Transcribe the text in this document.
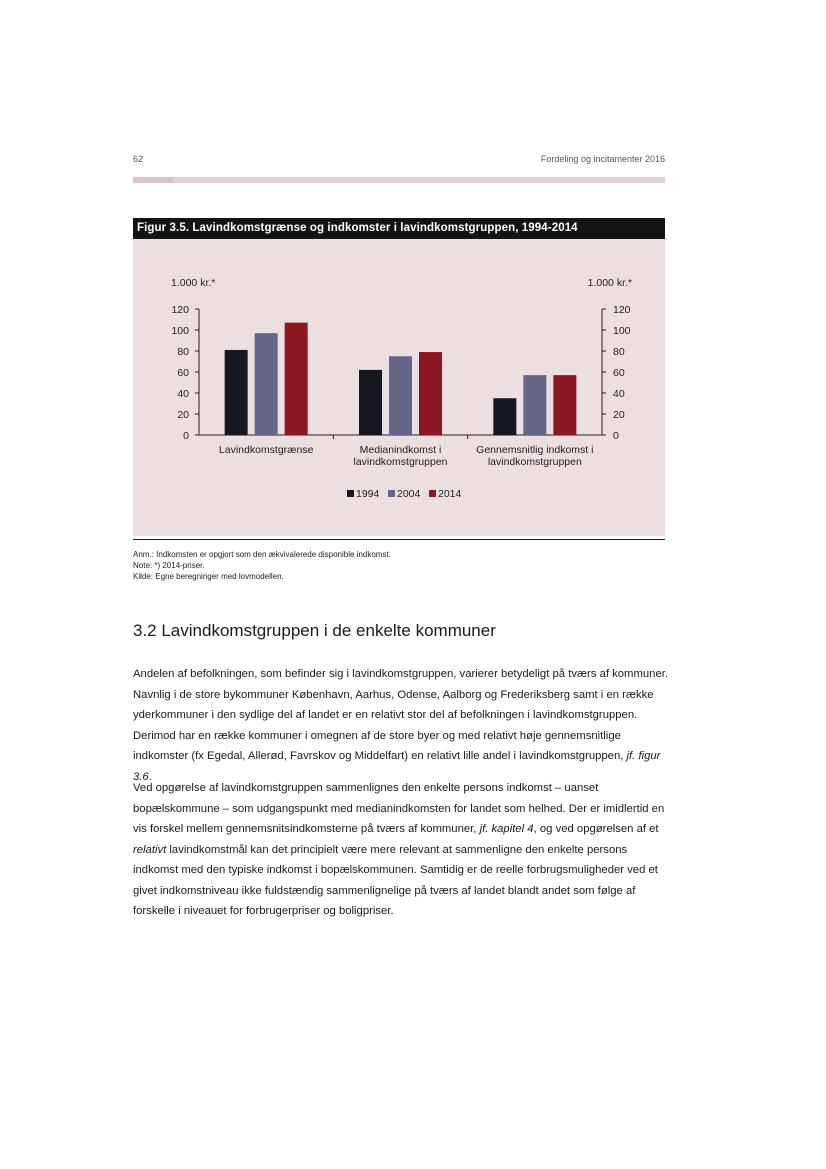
62	Fordeling og incitamenter 2016
Figur 3.5. Lavindkomstgrænse og indkomster i lavindkomstgruppen, 1994-2014
1.000 kr.*	1.000 kr.*
0	0
20	20
40	40
60	60
80	80
100	100
120	120
Lavindkomstgrænse	Medianindkomst i
lavindkomstgruppen
Gennemsnitlig indkomst i
lavindkomstgruppen
1994 2004 2014
Anm.: Indkomsten er opgjort som den ækvivalerede disponible indkomst.
Note: *) 2014-priser.
Kilde: Egne beregninger med lovmodellen.
3.2 Lavindkomstgruppen i de enkelte kommuner

Andelen af befolkningen, som befinder sig i lavindkomstgruppen, varierer betydeligt på tværs af kommuner. Navnlig i de store bykommuner København, Aarhus, Odense, Aalborg og Frederiksberg samt i en række yderkommuner i den sydlige del af landet er en relativt stor del af befolkningen i lavindkomstgruppen. Derimod har en række kommuner i omegnen af de store byer og med relativt høje gennemsnitlige indkomster (fx Egedal, Allerød, Favrskov og Middelfart) en relativt lille andel i lavindkomstgruppen, jf. figur 3.6.

Ved opgørelse af lavindkomstgruppen sammenlignes den enkelte persons indkomst – uanset bopælskommune – som udgangspunkt med medianindkomsten for landet som helhed. Der er imidlertid en vis forskel mellem gennemsnitsindkomsterne på tværs af kommuner, jf. kapitel 4, og ved opgørelsen af et relativt lavindkomstmål kan det principielt være mere relevant at sammenligne den enkelte persons indkomst med den typiske indkomst i bopælskommunen. Samtidig er de reelle forbrugsmuligheder ved et givet indkomstniveau ikke fuldstændig sammenlignelige på tværs af landet blandt andet som følge af forskelle i niveauet for forbrugerpriser og boligpriser.
